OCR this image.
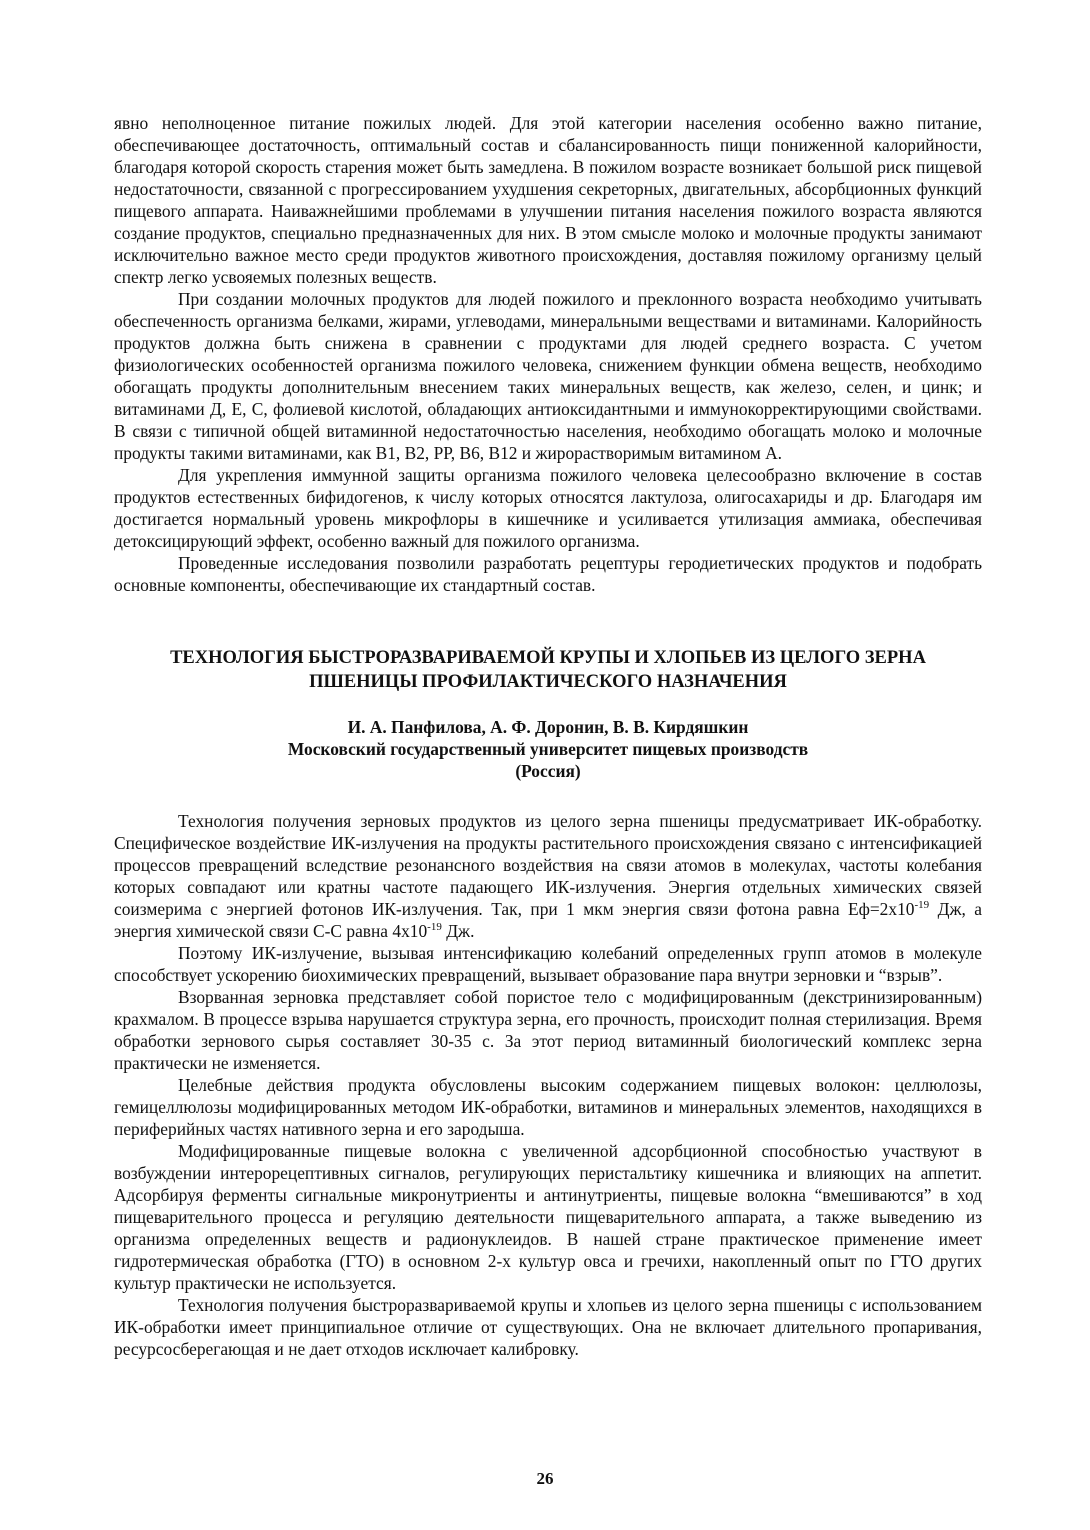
явно неполноценное питание пожилых людей. Для этой категории населения особенно важно питание, обеспечивающее достаточность, оптимальный состав и сбалансированность пищи пониженной калорийности, благодаря которой скорость старения может быть замедлена. В пожилом возрасте возникает большой риск пищевой недостаточности, связанной с прогрессированием ухудшения секреторных, двигательных, абсорбционных функций пищевого аппарата. Наиважнейшими проблемами в улучшении питания населения пожилого возраста являются создание продуктов, специально предназначенных для них. В этом смысле молоко и молочные продукты занимают исключительно важное место среди продуктов животного происхождения, доставляя пожилому организму целый спектр легко усвояемых полезных веществ.

При создании молочных продуктов для людей пожилого и преклонного возраста необходимо учитывать обеспеченность организма белками, жирами, углеводами, минеральными веществами и витаминами. Калорийность продуктов должна быть снижена в сравнении с продуктами для людей среднего возраста. С учетом физиологических особенностей организма пожилого человека, снижением функции обмена веществ, необходимо обогащать продукты дополнительным внесением таких минеральных веществ, как железо, селен, и цинк; и витаминами Д, Е, С, фолиевой кислотой, обладающих антиоксидантными и иммунокорректирующими свойствами. В связи с типичной общей витаминной недостаточностью населения, необходимо обогащать молоко и молочные продукты такими витаминами, как В1, В2, РР, В6, В12 и жирорастворимым витамином А.

Для укрепления иммунной защиты организма пожилого человека целесообразно включение в состав продуктов естественных бифидогенов, к числу которых относятся лактулоза, олигосахариды и др. Благодаря им достигается нормальный уровень микрофлоры в кишечнике и усиливается утилизация аммиака, обеспечивая детоксицирующий эффект, особенно важный для пожилого организма.

Проведенные исследования позволили разработать рецептуры геродиетических продуктов и подобрать основные компоненты, обеспечивающие их стандартный состав.

ТЕХНОЛОГИЯ БЫСТРОРАЗВАРИВАЕМОЙ КРУПЫ И ХЛОПЬЕВ ИЗ ЦЕЛОГО ЗЕРНА ПШЕНИЦЫ ПРОФИЛАКТИЧЕСКОГО НАЗНАЧЕНИЯ
И. А. Панфилова, А. Ф. Доронин, В. В. Кирдяшкин
Московский государственный университет пищевых производств
(Россия)

Технология получения зерновых продуктов из целого зерна пшеницы предусматривает ИК-обработку. Специфическое воздействие ИК-излучения на продукты растительного происхождения связано с интенсификацией процессов превращений вследствие резонансного воздействия на связи атомов в молекулах, частоты колебания которых совпадают или кратны частоте падающего ИК-излучения. Энергия отдельных химических связей соизмерима с энергией фотонов ИК-излучения. Так, при 1 мкм энергия связи фотона равна $Еф=2х10^{-19}$ Дж, а энергия химической связи С-С равна $4х10^{-19}$ Дж.

Поэтому ИК-излучение, вызывая интенсификацию колебаний определенных групп атомов в молекуле способствует ускорению биохимических превращений, вызывает образование пара внутри зерновки и “взрыв”.

Взорванная зерновка представляет собой пористое тело с модифицированным (декстринизированным) крахмалом. В процессе взрыва нарушается структура зерна, его прочность, происходит полная стерилизация. Время обработки зернового сырья составляет 30-35 с. За этот период витаминный биологический комплекс зерна практически не изменяется.

Целебные действия продукта обусловлены высоким содержанием пищевых волокон: целлюлозы, гемицеллюлозы модифицированных методом ИК-обработки, витаминов и минеральных элементов, находящихся в периферийных частях нативного зерна и его зародыша.

Модифицированные пищевые волокна с увеличенной адсорбционной способностью участвуют в возбуждении интерорецептивных сигналов, регулирующих перистальтику кишечника и влияющих на аппетит. Адсорбируя ферменты сигнальные микронутриенты и антинутриенты, пищевые волокна “вмешиваются” в ход пищеварительного процесса и регуляцию деятельности пищеварительного аппарата, а также выведению из организма определенных веществ и радионуклеидов. В нашей стране практическое применение имеет гидротермическая обработка (ГТО) в основном 2-х культур овса и гречихи, накопленный опыт по ГТО других культур практически не используется.

Технология получения быстроразвариваемой крупы и хлопьев из целого зерна пшеницы с использованием ИК-обработки имеет принципиальное отличие от существующих. Она не включает длительного пропаривания, ресурсосберегающая и не дает отходов исключает калибровку.

26
